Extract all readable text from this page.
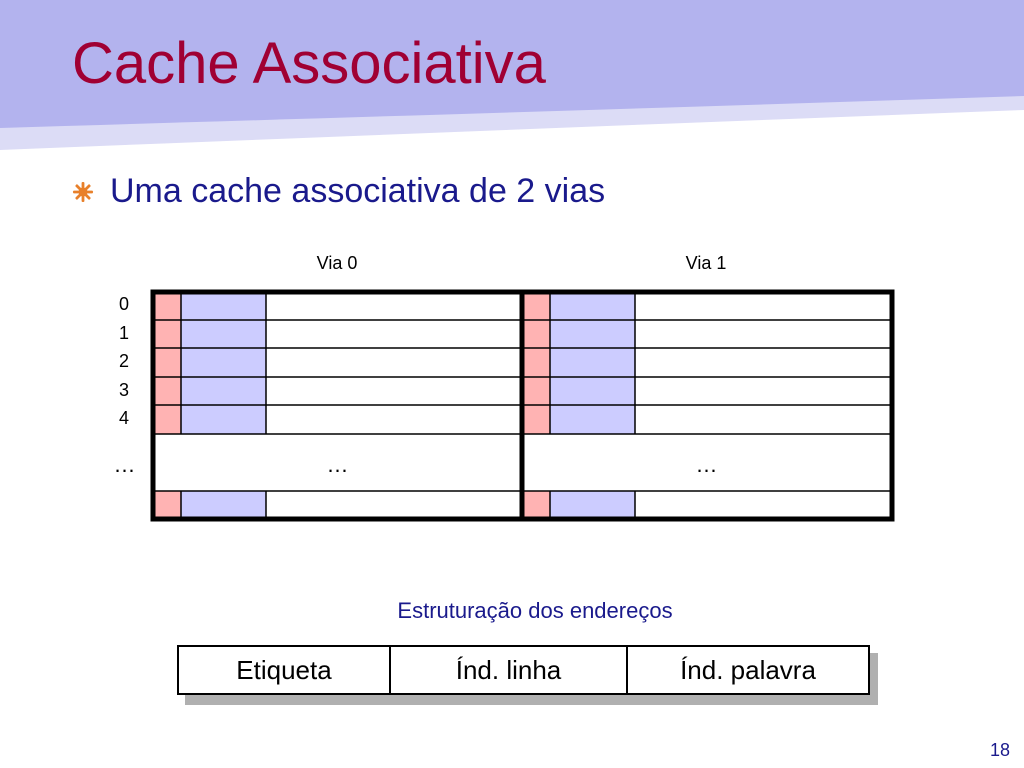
Cache Associativa
Uma cache associativa de 2 vias
Via 0	Via 1
0
1
2
3
4
…	…	…
Estruturação dos endereços
Etiqueta	Índ. linha	Índ. palavra
18
